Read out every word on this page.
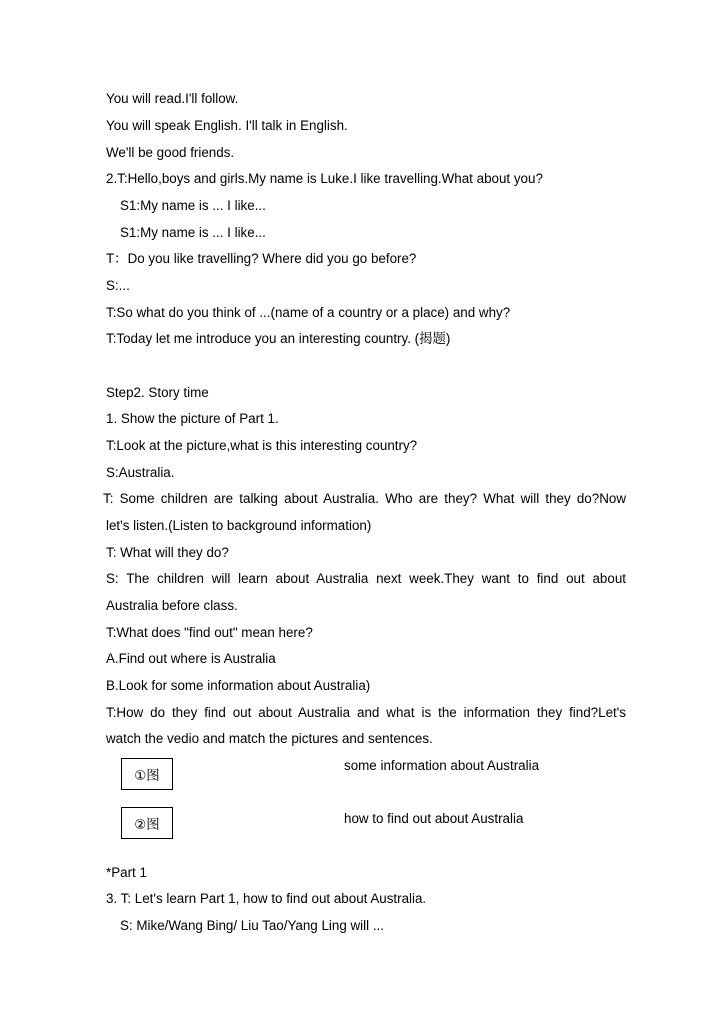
You will read.I'll follow.
You will speak English. I'll talk in English.
We'll be good friends.
2.T:Hello,boys and girls.My name is Luke.I like travelling.What about you?
S1:My name is ... I like...
S1:My name is ... I like...
T：Do you like travelling? Where did you go before?
S:...
T:So what do you think of ...(name of a country or a place) and why?
T:Today let me introduce you an interesting country. (揭题)
Step2. Story time
1. Show the picture of Part 1.
T:Look at the picture,what is this interesting country?
S:Australia.
T: Some children are talking about Australia. Who are they? What will they do?Now
let's listen.(Listen to background information)
T: What will they do?
S: The children will learn about Australia next week.They want to find out about
Australia before class.
T:What does "find out" mean here?
A.Find out where is Australia
B.Look for some information about Australia)
T:How do they find out about Australia and what is the information they find?Let's
watch the vedio and match the pictures and sentences.
①图
some information about Australia
②图	how to find out about Australia
*Part 1
3. T: Let's learn Part 1, how to find out about Australia.
S: Mike/Wang Bing/ Liu Tao/Yang Ling will ...
